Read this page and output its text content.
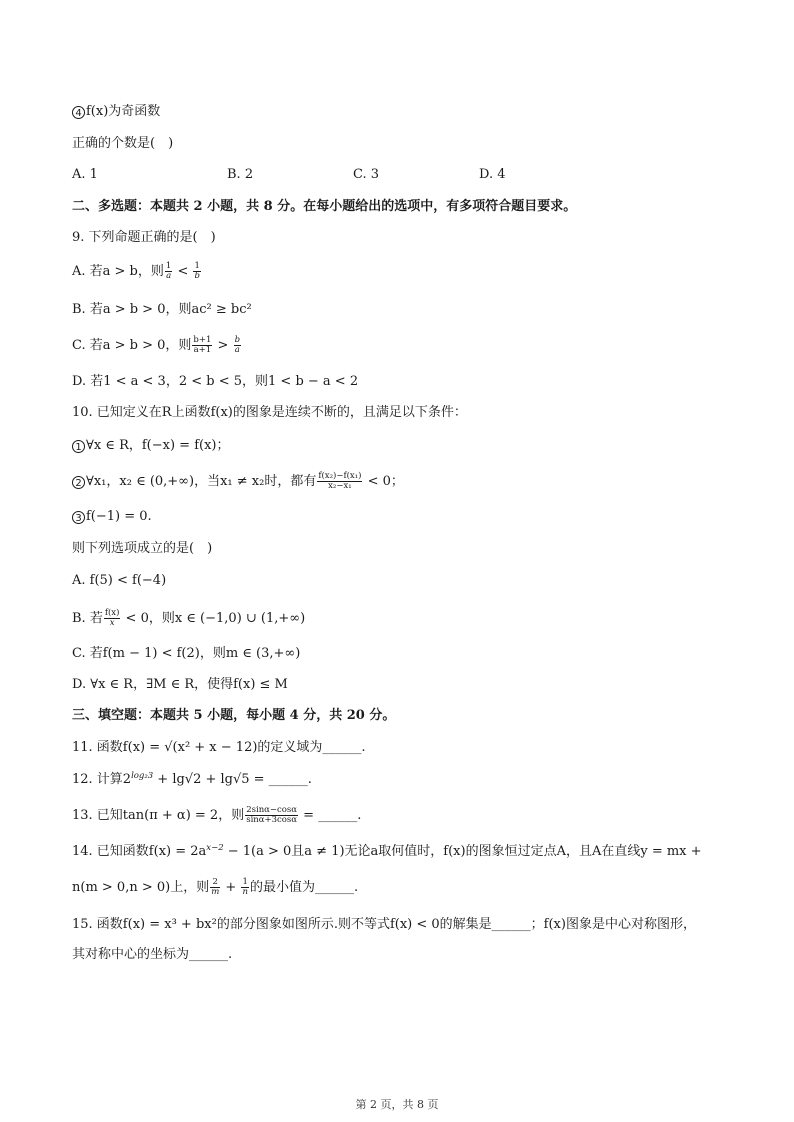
4 f(x)为奇函数
正确的个数是( )
A. 1	B. 2	C. 3	D. 4
二、多选题：本题共 2 小题，共 8 分。在每小题给出的选项中，有多项符合题目要求。
9. 下列命题正确的是( )
A. 若a > b，则 $\frac{1}{a} < \frac{1}{b}$
B. 若a > b > 0，则ac² ≥ bc²
C. 若a > b > 0，则 $\frac{b+1}{a+1} > \frac{b}{a}$
D. 若1 < a < 3，2 < b < 5，则1 < b − a < 2
10. 已知定义在R上函数f(x)的图象是连续不断的，且满足以下条件：
1 ∀x ∈ R，f(−x) = f(x)；
2 ∀x₁，x₂ ∈ (0,+∞)，当x₁ ≠ x₂时，都有 $\frac{\text{f(x₂)−f(x₁)}}{\text{x₂−x₁}} < 0$；
3 f(−1) = 0.
则下列选项成立的是( )
A. f(5) < f(−4)
B. 若 $\frac{f(x)}{x} < 0$，则x ∈ (−1,0) ∪ (1,+∞)
C. 若f(m − 1) < f(2)，则m ∈ (3,+∞)
D. ∀x ∈ R，∃M ∈ R，使得f(x) ≤ M
三、填空题：本题共 5 小题，每小题 4 分，共 20 分。
11. 函数f(x) = √(x² + x − 12)的定义域为______.
12. 计算$2^{log_23} + \lg√2 + \lg√5$ = ______.
13. 已知tan(π + α) = 2，则 $\frac{2\sin\alpha-\cos\alpha}{\sin\alpha+3\cos\alpha}$ = ______.
14. 已知函数$f(x) = 2a^{x-2} - 1(a > 0$且a ≠ 1)无论a取何值时，f(x)的图象恒过定点A，且A在直线y = mx +
n(m > 0,n > 0)上，则 $\frac{2}{m} + \frac{1}{n}$ 的最小值为______.
15. 函数f(x) = x³ + bx²的部分图象如图所示.则不等式f(x) < 0的解集是______；f(x)图象是中心对称图形，
其对称中心的坐标为______.
第 2 页，共 8 页
